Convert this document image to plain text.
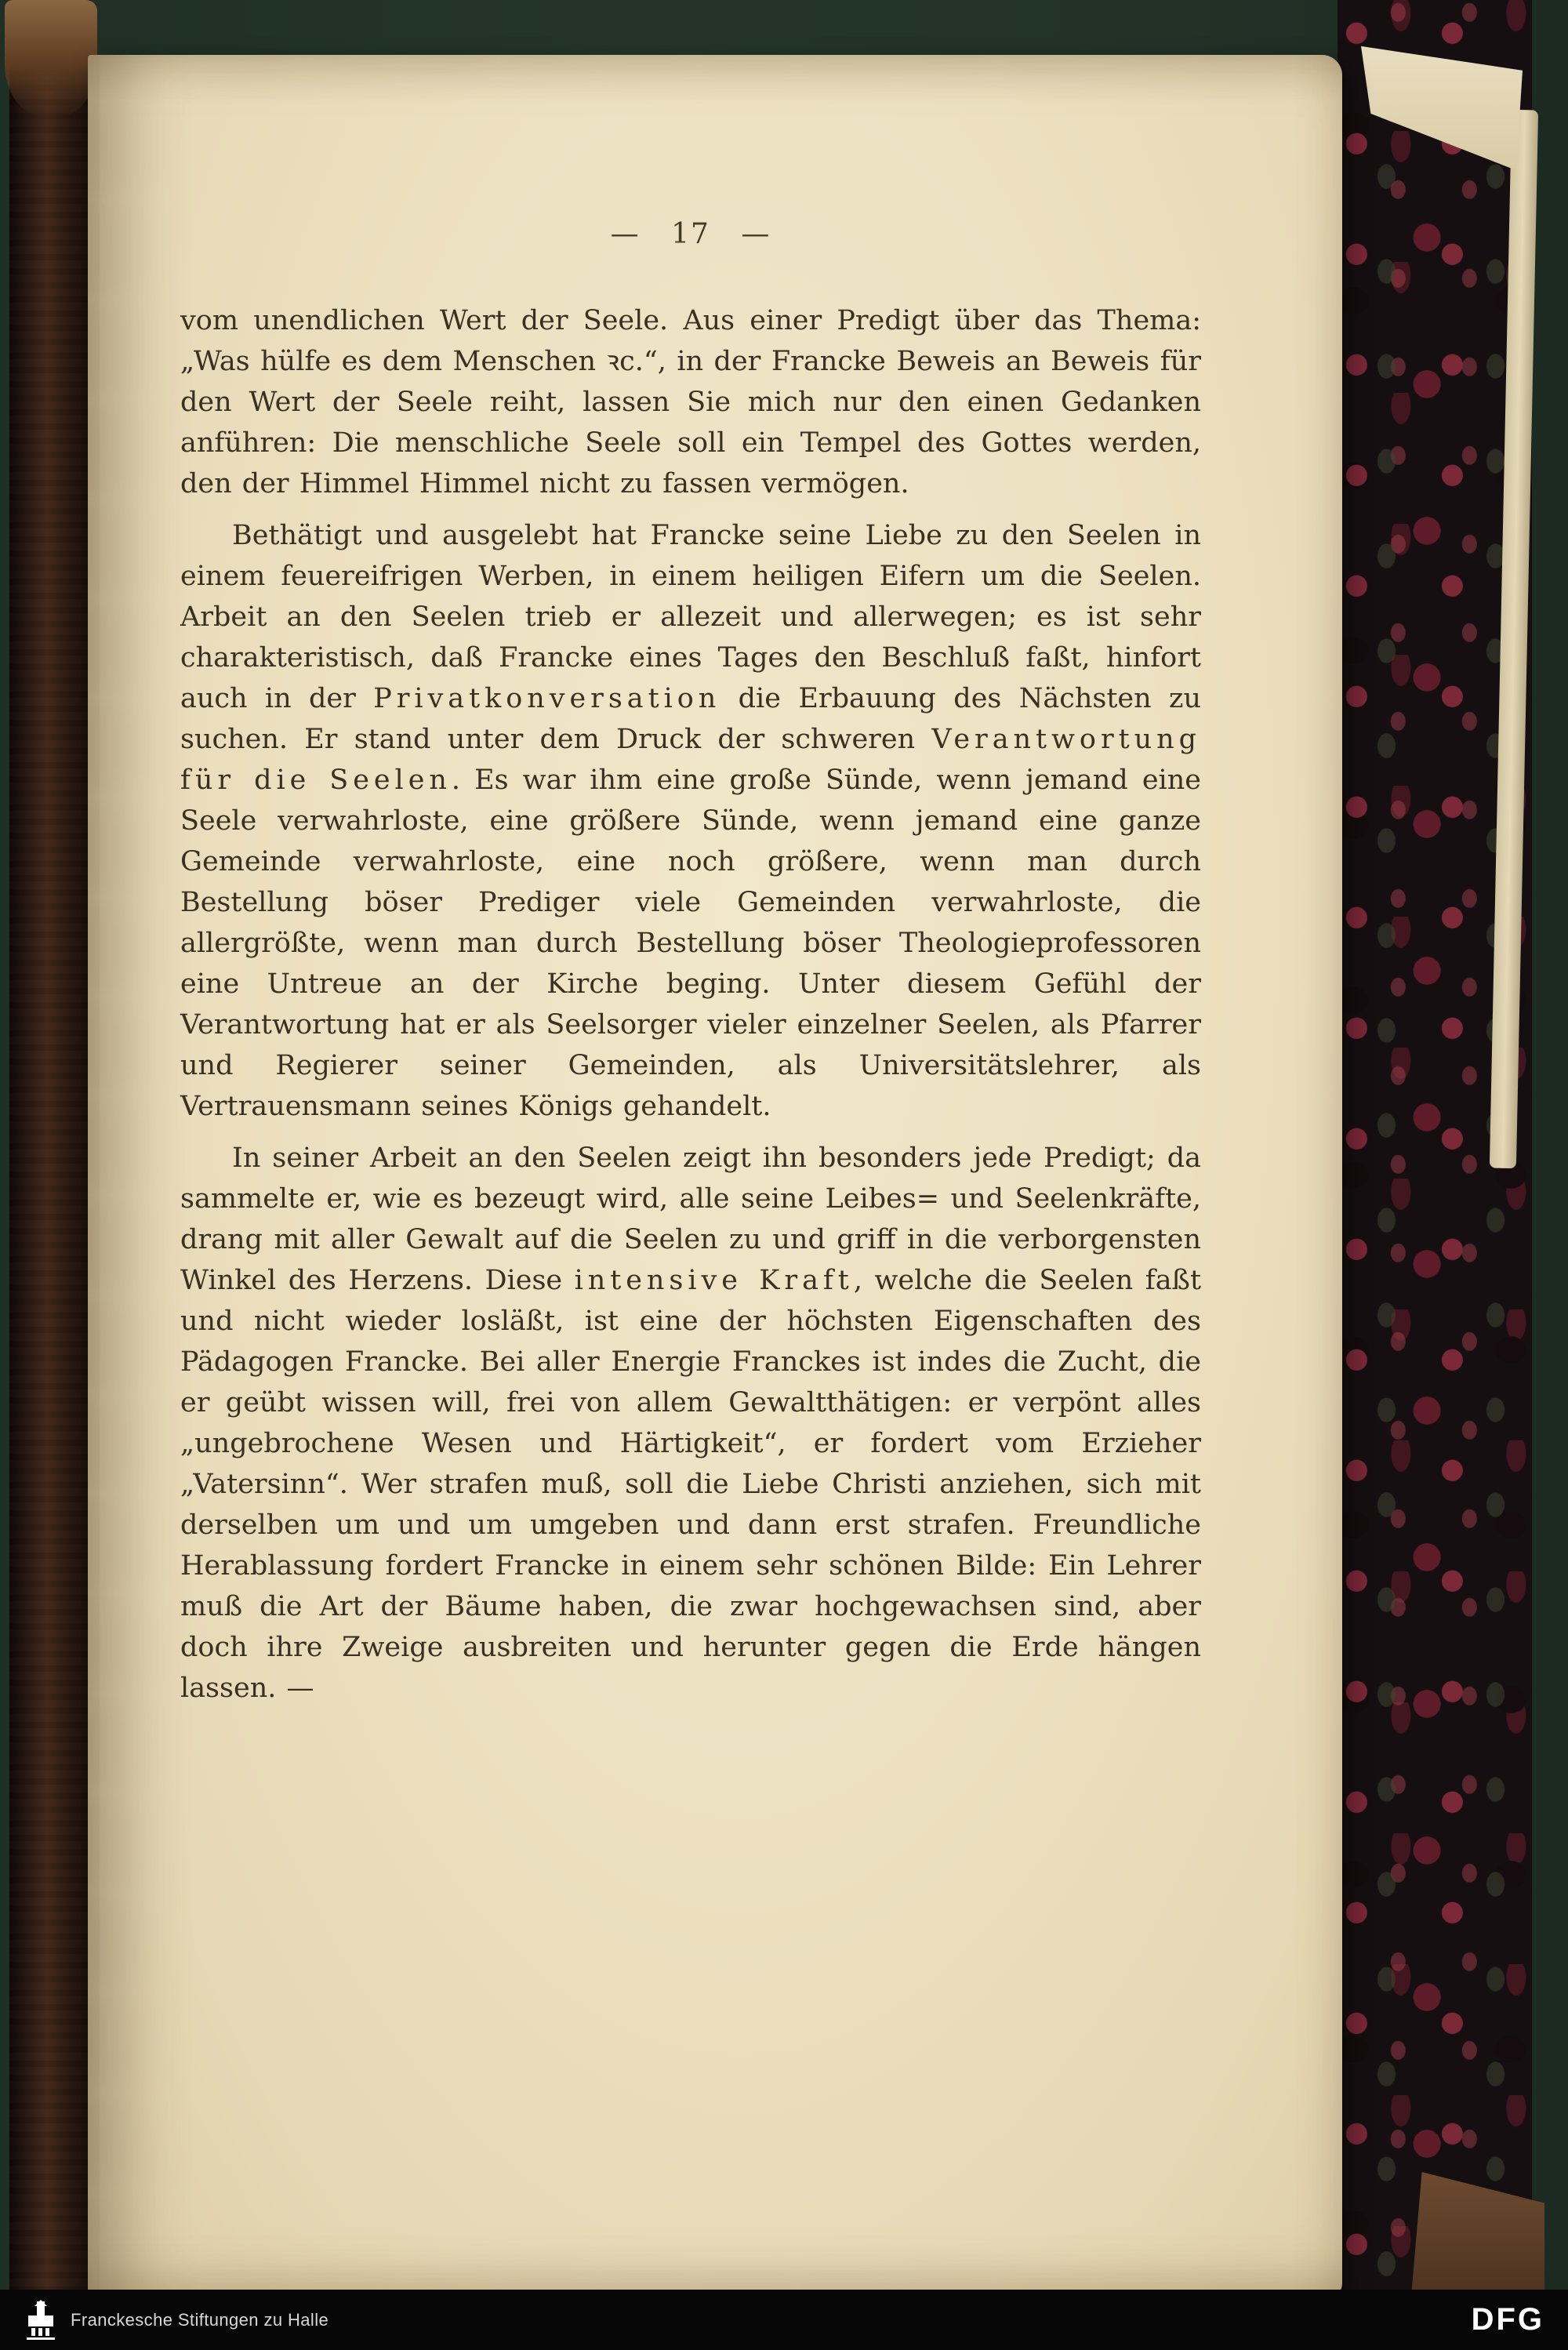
— 17 —

vom unendlichen Wert der Seele. Aus einer Predigt über das Thema: „Was hülfe es dem Menschen ꝛc.“, in der Francke Beweis an Beweis für den Wert der Seele reiht, lassen Sie mich nur den einen Gedanken anführen: Die menschliche Seele soll ein Tempel des Gottes werden, den der Himmel Himmel nicht zu fassen vermögen.

Bethätigt und ausgelebt hat Francke seine Liebe zu den Seelen in einem feuereifrigen Werben, in einem heiligen Eifern um die Seelen. Arbeit an den Seelen trieb er allezeit und allerwegen; es ist sehr charakteristisch, daß Francke eines Tages den Beschluß faßt, hinfort auch in der Privatkonversation die Erbauung des Nächsten zu suchen. Er stand unter dem Druck der schweren Verantwortung für die Seelen. Es war ihm eine große Sünde, wenn jemand eine Seele verwahrloste, eine größere Sünde, wenn jemand eine ganze Gemeinde verwahrloste, eine noch größere, wenn man durch Bestellung böser Prediger viele Gemeinden verwahrloste, die allergrößte, wenn man durch Bestellung böser Theologieprofessoren eine Untreue an der Kirche beging. Unter diesem Gefühl der Verantwortung hat er als Seelsorger vieler einzelner Seelen, als Pfarrer und Regierer seiner Gemeinden, als Universitätslehrer, als Vertrauensmann seines Königs gehandelt.

In seiner Arbeit an den Seelen zeigt ihn besonders jede Predigt; da sammelte er, wie es bezeugt wird, alle seine Leibes= und Seelenkräfte, drang mit aller Gewalt auf die Seelen zu und griff in die verborgensten Winkel des Herzens. Diese intensive Kraft, welche die Seelen faßt und nicht wieder losläßt, ist eine der höchsten Eigenschaften des Pädagogen Francke. Bei aller Energie Franckes ist indes die Zucht, die er geübt wissen will, frei von allem Gewaltthätigen: er verpönt alles „ungebrochene Wesen und Härtigkeit“, er fordert vom Erzieher „Vatersinn“. Wer strafen muß, soll die Liebe Christi anziehen, sich mit derselben um und um umgeben und dann erst strafen. Freundliche Herablassung fordert Francke in einem sehr schönen Bilde: Ein Lehrer muß die Art der Bäume haben, die zwar hochgewachsen sind, aber doch ihre Zweige ausbreiten und herunter gegen die Erde hängen lassen. —

Franckesche Stiftungen zu Halle	DFG
